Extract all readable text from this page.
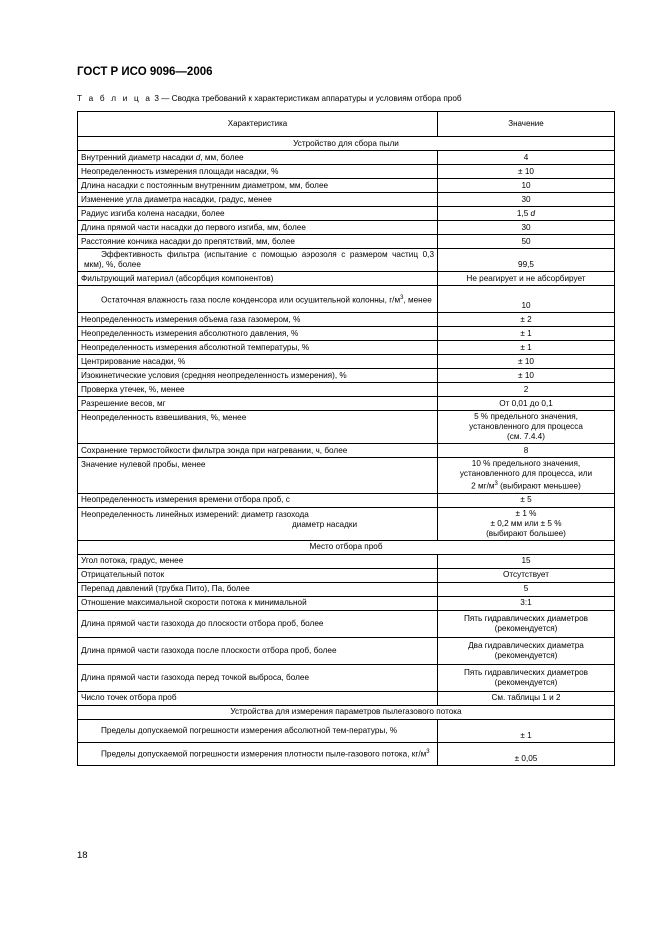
ГОСТ Р ИСО 9096—2006
Т а б л и ц а 3 — Сводка требований к характеристикам аппаратуры и условиям отбора проб
Характеристика	Значение
Устройство для сбора пыли	
Внутренний диаметр насадки d, мм, более	4
Неопределенность измерения площади насадки, %	± 10
Длина насадки с постоянным внутренним диаметром, мм, более	10
Изменение угла диаметра насадки, градус, менее	30
Радиус изгиба колена насадки, более	1,5 d
Длина прямой части насадки до первого изгиба, мм, более	30
Расстояние кончика насадки до препятствий, мм, более	50
Эффективность фильтра (испытание с помощью аэрозоля с размером частиц 0,3 мкм), %, более	99,5
Фильтрующий материал (абсорбция компонентов)	Не реагирует и не абсорбирует
Остаточная влажность газа после конденсора или осушительной колонны, $г/м^3$, менее	10
Неопределенность измерения объема газа газомером, %	± 2
Неопределенность измерения абсолютного давления, %	± 1
Неопределенность измерения абсолютной температуры, %	± 1
Центрирование насадки, %	± 10
Изокинетические условия (средняя неопределенность измерения), %	± 10
Проверка утечек, %, менее	2
Разрешение весов, мг	От 0,01 до 0,1
Неопределенность взвешивания, %, менее	5 % предельного значения,
установленного для процесса
(см. 7.4.4)
Сохранение термостойкости фильтра зонда при нагревании, ч, более	8
Значение нулевой пробы, менее	10 % предельного значения,
установленного для процесса, или
2 $мг/м^3$ (выбирают меньшее)
Неопределенность измерения времени отбора проб, с	± 5
Неопределенность линейных измерений: диаметр газохода
диаметр насадки	± 1 %
± 0,2 мм или ± 5 %
(выбирают большее)
Место отбора проб	
Угол потока, градус, менее	15
Отрицательный поток	Отсутствует
Перепад давлений (трубка Пито), Па, более	5
Отношение максимальной скорости потока к минимальной	3:1
Длина прямой части газохода до плоскости отбора проб, более	Пять гидравлических диаметров
(рекомендуется)
Длина прямой части газохода после плоскости отбора проб, более	Два гидравлических диаметра
(рекомендуется)
Длина прямой части газохода перед точкой выброса, более	Пять гидравлических диаметров
(рекомендуется)
Число точек отбора проб	См. таблицы 1 и 2
Устройства для измерения параметров пылегазового потока	
Пределы допускаемой погрешности измерения абсолютной тем-пературы, %	± 1
Пределы допускаемой погрешности измерения плотности пыле-газового потока, $кг/м^3$	± 0,05
18
